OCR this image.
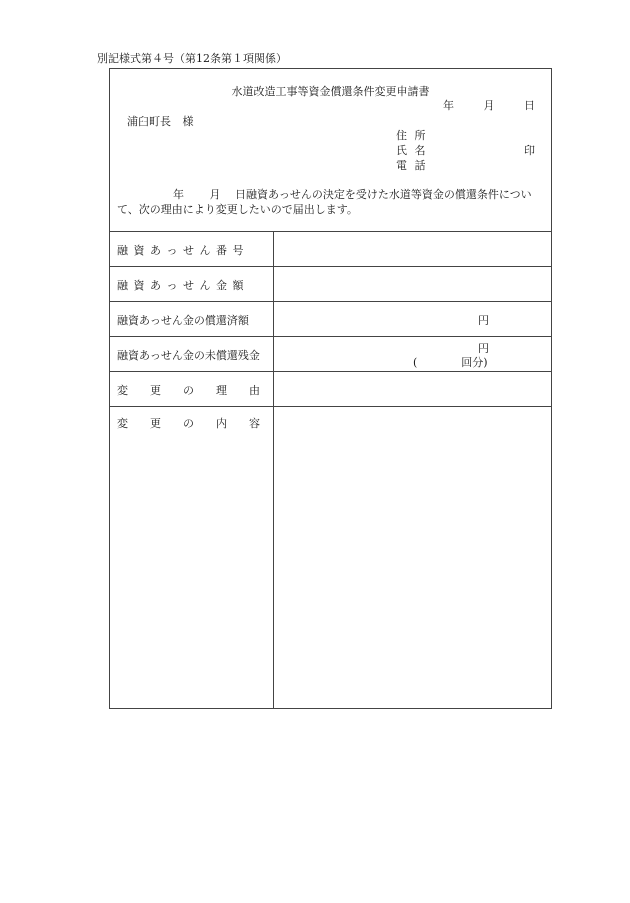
別記様式第４号（第12条第１項関係）
水道改造工事等資金償還条件変更申請書
年 月 日
浦臼町長 様
住 所
氏 名	印
電 話

年　　 月　 日融資あっせんの決定を受けた水道等資金の償還条件につい

て、次の理由により変更したいので届出します。

融 資 あ っ せ ん 番 号
融 資 あ っ せ ん 金 額
融資あっせん金の償還済額	円
融資あっせん金の未償還残金
円
(　　　　回分)
変　　更　　の　　理　　由
変　　更　　の　　内　　容
